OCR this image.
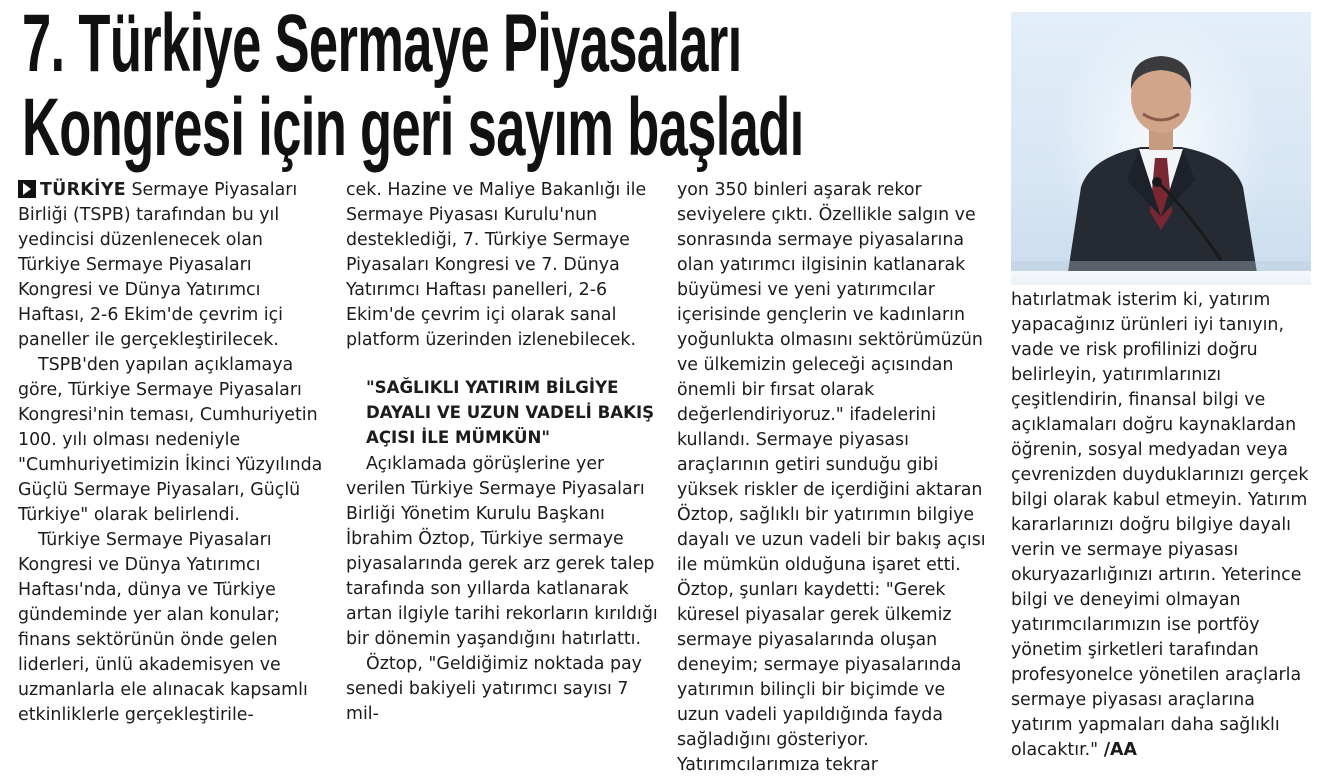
7. Türkiye Sermaye Piyasaları
Kongresi için geri sayım başladı

TÜRKİYE Sermaye Piyasaları Birliği (TSPB) tarafından bu yıl yedincisi düzenlenecek olan Türkiye Sermaye Piyasaları Kongresi ve Dünya Yatırımcı Haftası, 2-6 Ekim'de çevrim içi paneller ile gerçekleştirilecek.

TSPB'den yapılan açıklamaya göre, Türkiye Sermaye Piyasaları Kongresi'nin teması, Cumhuriyetin 100. yılı olması nedeniyle "Cumhuriyetimizin İkinci Yüzyılında Güçlü Sermaye Piyasaları, Güçlü Türkiye" olarak belirlendi.

Türkiye Sermaye Piyasaları Kongresi ve Dünya Yatırımcı Haftası'nda, dünya ve Türkiye gündeminde yer alan konular; finans sektörünün önde gelen liderleri, ünlü akademisyen ve uzmanlarla ele alınacak kapsamlı etkinliklerle gerçekleştirile-

cek. Hazine ve Maliye Bakanlığı ile Sermaye Piyasası Kurulu'nun desteklediği, 7. Türkiye Sermaye Piyasaları Kongresi ve 7. Dünya Yatırımcı Haftası panelleri, 2-6 Ekim'de çevrim içi olarak sanal platform üzerinden izlenebilecek.

"SAĞLIKLI YATIRIM BİLGİYE DAYALI VE UZUN VADELİ BAKIŞ AÇISI İLE MÜMKÜN"

Açıklamada görüşlerine yer verilen Türkiye Sermaye Piyasaları Birliği Yönetim Kurulu Başkanı İbrahim Öztop, Türkiye sermaye piyasalarında gerek arz gerek talep tarafında son yıllarda katlanarak artan ilgiyle tarihi rekorların kırıldığı bir dönemin yaşandığını hatırlattı.

Öztop, "Geldiğimiz noktada pay senedi bakiyeli yatırımcı sayısı 7 mil-

yon 350 binleri aşarak rekor seviyelere çıktı. Özellikle salgın ve sonrasında sermaye piyasalarına olan yatırımcı ilgisinin katlanarak büyümesi ve yeni yatırımcılar içerisinde gençlerin ve kadınların yoğunlukta olmasını sektörümüzün ve ülkemizin geleceği açısından önemli bir fırsat olarak değerlendiriyoruz." ifadelerini kullandı. Sermaye piyasası araçlarının getiri sunduğu gibi yüksek riskler de içerdiğini aktaran Öztop, sağlıklı bir yatırımın bilgiye dayalı ve uzun vadeli bir bakış açısı ile mümkün olduğuna işaret etti. Öztop, şunları kaydetti: "Gerek küresel piyasalar gerek ülkemiz sermaye piyasalarında oluşan deneyim; sermaye piyasalarında yatırımın bilinçli bir biçimde ve uzun vadeli yapıldığında fayda sağladığını gösteriyor. Yatırımcılarımıza tekrar

hatırlatmak isterim ki, yatırım yapacağınız ürünleri iyi tanıyın, vade ve risk profilinizi doğru belirleyin, yatırımlarınızı çeşitlendirin, finansal bilgi ve açıklamaları doğru kaynaklardan öğrenin, sosyal medyadan veya çevrenizden duyduklarınızı gerçek bilgi olarak kabul etmeyin. Yatırım kararlarınızı doğru bilgiye dayalı verin ve sermaye piyasası okuryazarlığınızı artırın. Yeterince bilgi ve deneyimi olmayan yatırımcılarımızın ise portföy yönetim şirketleri tarafından profesyonelce yönetilen araçlarla sermaye piyasası araçlarına yatırım yapmaları daha sağlıklı olacaktır." /AA
